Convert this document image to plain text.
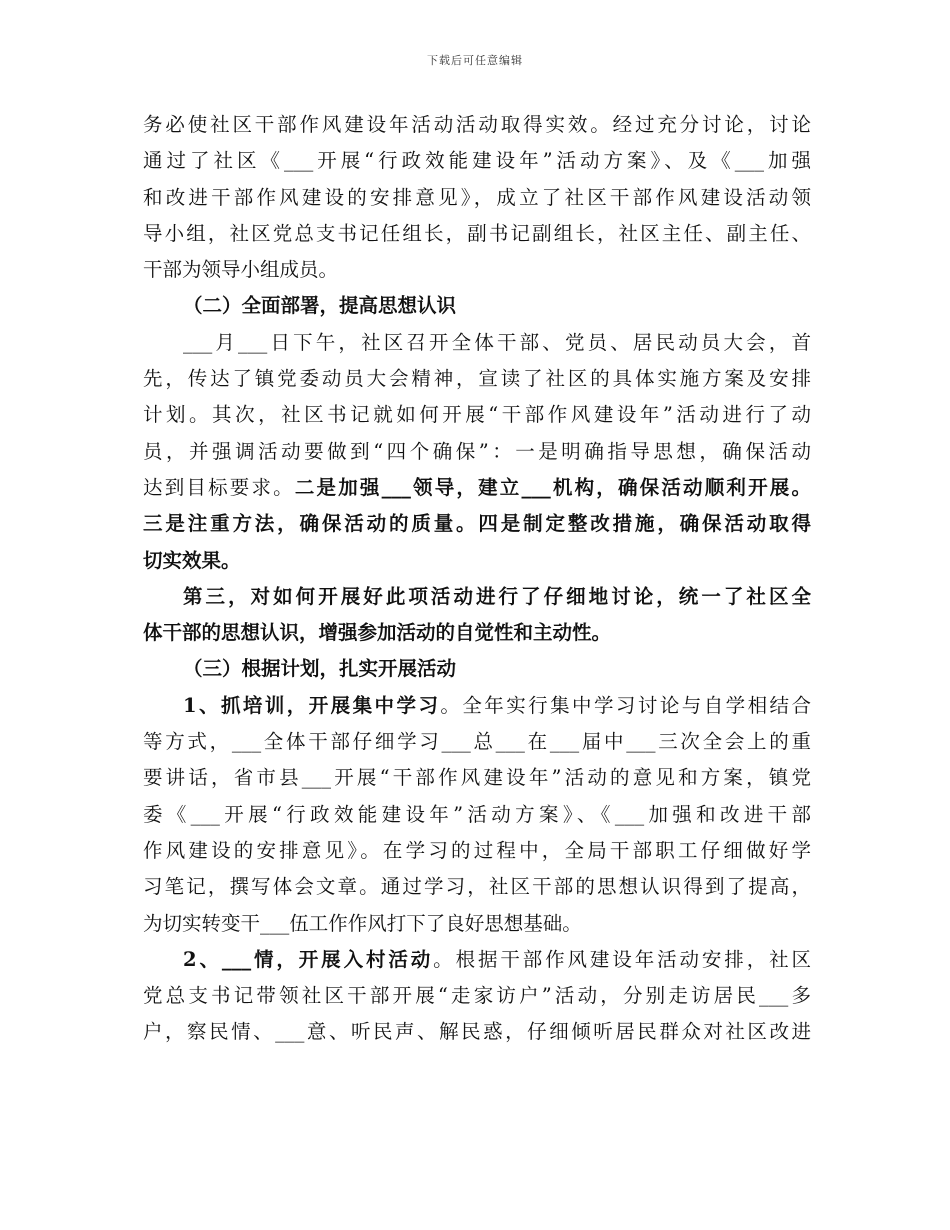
下载后可任意编辑
务必使社区干部作风建设年活动活动取得实效。经过充分讨论，讨论
通过了社区《___开展“行政效能建设年”活动方案》、及《___加强
和改进干部作风建设的安排意见》，成立了社区干部作风建设活动领
导小组，社区党总支书记任组长，副书记副组长，社区主任、副主任、
干部为领导小组成员。
（二）全面部署，提高思想认识
___月___日下午，社区召开全体干部、党员、居民动员大会，首
先，传达了镇党委动员大会精神，宣读了社区的具体实施方案及安排
计划。其次，社区书记就如何开展“干部作风建设年”活动进行了动
员，并强调活动要做到“四个确保”：一是明确指导思想，确保活动
达到目标要求。二是加强___领导，建立___机构，确保活动顺利开展。
三是注重方法，确保活动的质量。四是制定整改措施，确保活动取得
切实效果。
第三，对如何开展好此项活动进行了仔细地讨论，统一了社区全
体干部的思想认识，增强参加活动的自觉性和主动性。
（三）根据计划，扎实开展活动
1、抓培训，开展集中学习。全年实行集中学习讨论与自学相结合
等方式，___全体干部仔细学习___总___在___届中___三次全会上的重
要讲话，省市县___开展“干部作风建设年”活动的意见和方案，镇党
委《___开展“行政效能建设年”活动方案》、《___加强和改进干部
作风建设的安排意见》。在学习的过程中，全局干部职工仔细做好学
习笔记，撰写体会文章。通过学习，社区干部的思想认识得到了提高，
为切实转变干___伍工作作风打下了良好思想基础。
2、___情，开展入村活动。根据干部作风建设年活动安排，社区
党总支书记带领社区干部开展“走家访户”活动，分别走访居民___多
户，察民情、___意、听民声、解民惑，仔细倾听居民群众对社区改进
